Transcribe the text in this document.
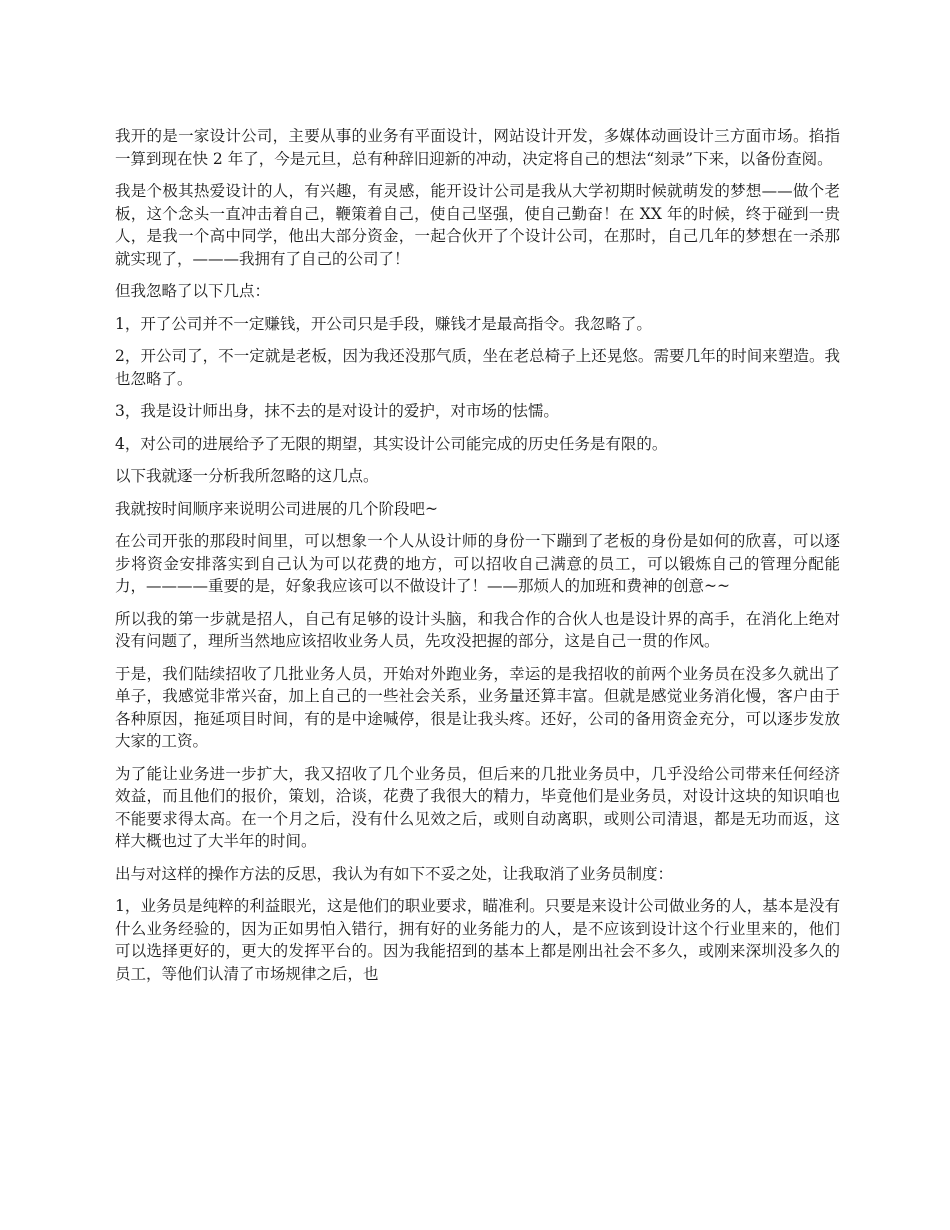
我开的是一家设计公司，主要从事的业务有平面设计，网站设计开发，多媒体动画设计三方面市场。掐指一算到现在快 2 年了，今是元旦，总有种辞旧迎新的冲动，决定将自己的想法“刻录”下来，以备份查阅。

我是个极其热爱设计的人，有兴趣，有灵感，能开设计公司是我从大学初期时候就萌发的梦想——做个老板，这个念头一直冲击着自己，鞭策着自己，使自己坚强，使自己勤奋！在 XX 年的时候，终于碰到一贵人，是我一个高中同学，他出大部分资金，一起合伙开了个设计公司，在那时，自己几年的梦想在一杀那就实现了，———我拥有了自己的公司了！

但我忽略了以下几点：

1，开了公司并不一定赚钱，开公司只是手段，赚钱才是最高指令。我忽略了。

2，开公司了，不一定就是老板，因为我还没那气质，坐在老总椅子上还晃悠。需要几年的时间来塑造。我也忽略了。

3，我是设计师出身，抹不去的是对设计的爱护，对市场的怯懦。

4，对公司的进展给予了无限的期望，其实设计公司能完成的历史任务是有限的。

以下我就逐一分析我所忽略的这几点。

我就按时间顺序来说明公司进展的几个阶段吧~

在公司开张的那段时间里，可以想象一个人从设计师的身份一下蹦到了老板的身份是如何的欣喜，可以逐步将资金安排落实到自己认为可以花费的地方，可以招收自己满意的员工，可以锻炼自己的管理分配能力，————重要的是，好象我应该可以不做设计了！——那烦人的加班和费神的创意~~

所以我的第一步就是招人，自己有足够的设计头脑，和我合作的合伙人也是设计界的高手，在消化上绝对没有问题了，理所当然地应该招收业务人员，先攻没把握的部分，这是自己一贯的作风。

于是，我们陆续招收了几批业务人员，开始对外跑业务，幸运的是我招收的前两个业务员在没多久就出了单子，我感觉非常兴奋，加上自己的一些社会关系，业务量还算丰富。但就是感觉业务消化慢，客户由于各种原因，拖延项目时间，有的是中途喊停，很是让我头疼。还好，公司的备用资金充分，可以逐步发放大家的工资。

为了能让业务进一步扩大，我又招收了几个业务员，但后来的几批业务员中，几乎没给公司带来任何经济效益，而且他们的报价，策划，洽谈，花费了我很大的精力，毕竟他们是业务员，对设计这块的知识咱也不能要求得太高。在一个月之后，没有什么见效之后，或则自动离职，或则公司清退，都是无功而返，这样大概也过了大半年的时间。

出与对这样的操作方法的反思，我认为有如下不妥之处，让我取消了业务员制度：

1，业务员是纯粹的利益眼光，这是他们的职业要求，瞄准利。只要是来设计公司做业务的人，基本是没有什么业务经验的，因为正如男怕入错行，拥有好的业务能力的人，是不应该到设计这个行业里来的，他们可以选择更好的，更大的发挥平台的。因为我能招到的基本上都是刚出社会不多久，或刚来深圳没多久的员工，等他们认清了市场规律之后，也
